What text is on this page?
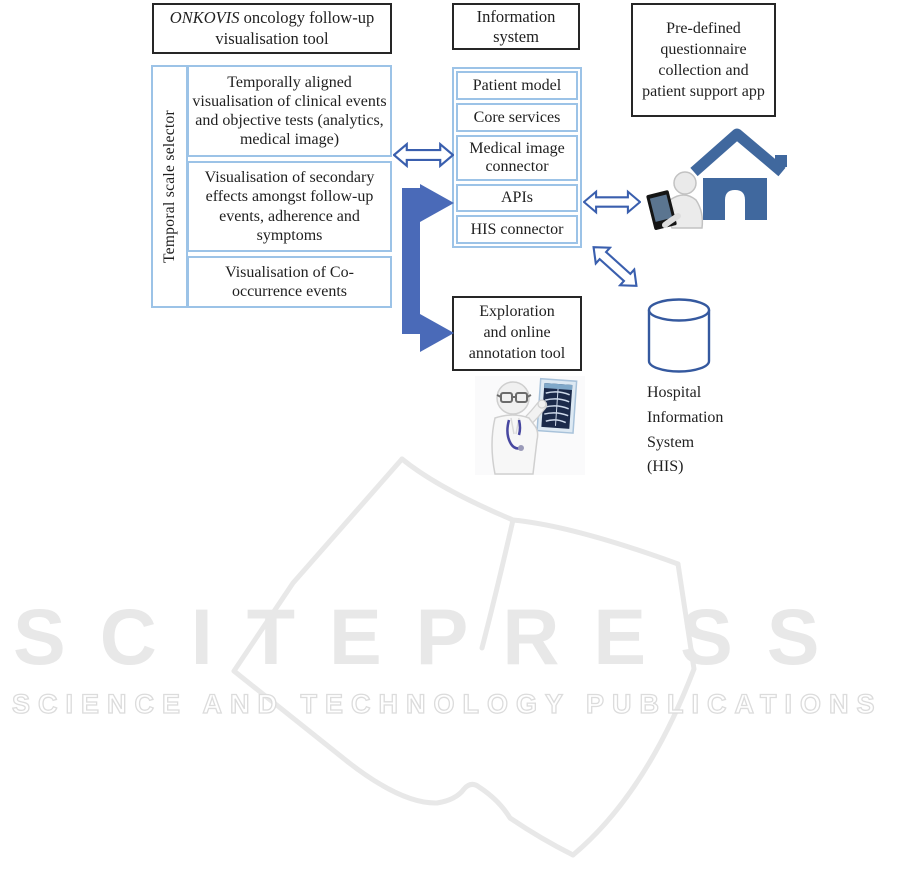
SCITEPRESS
SCIENCE AND TECHNOLOGY PUBLICATIONS
ONKOVIS oncology follow-up visualisation tool
Temporal scale selector
Temporally aligned visualisation of clinical events and objective tests (analytics, medical image)
Visualisation of secondary effects amongst follow-up events, adherence and symptoms
Visualisation of Co-occurrence events
Information system
Patient model
Core services
Medical image connector
APIs
HIS connector
Pre-defined questionnaire collection and patient support app
Exploration and online annotation tool
Hospital
Information
System
(HIS)
